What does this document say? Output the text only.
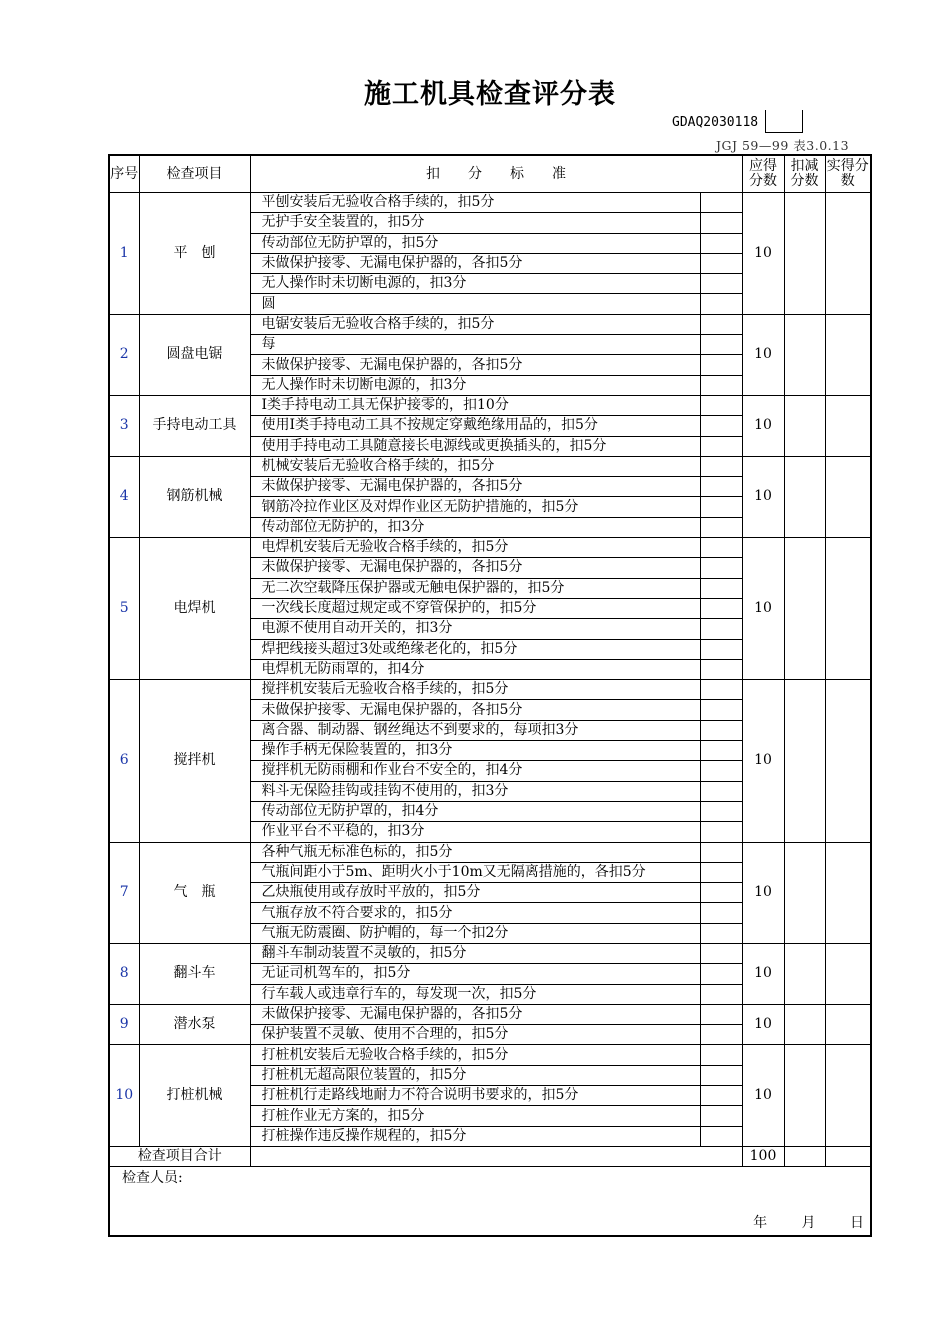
施工机具检查评分表
GDAQ2030118
JGJ 59—99 表3.0.13
序号	检查项目	扣　　分　　标　　准		应得分数	扣减分数	实得分数
1	平　刨	平刨安装后无验收合格手续的，扣5分		10		
		无护手安全装置的，扣5分				
		传动部位无防护罩的，扣5分				
		未做保护接零、无漏电保护器的，各扣5分				
		无人操作时未切断电源的，扣3分				
		圆				
2	圆盘电锯	电锯安装后无验收合格手续的，扣5分		10		
		每				
		未做保护接零、无漏电保护器的，各扣5分				
		无人操作时未切断电源的，扣3分				
3	手持电动工具	Ⅰ类手持电动工具无保护接零的，扣10分		10		
		使用Ⅰ类手持电动工具不按规定穿戴绝缘用品的，扣5分				
		使用手持电动工具随意接长电源线或更换插头的，扣5分				
4	钢筋机械	机械安装后无验收合格手续的，扣5分		10		
		未做保护接零、无漏电保护器的，各扣5分				
		钢筋冷拉作业区及对焊作业区无防护措施的，扣5分				
		传动部位无防护的，扣3分				
5	电焊机	电焊机安装后无验收合格手续的，扣5分		10		
		未做保护接零、无漏电保护器的，各扣5分				
		无二次空载降压保护器或无触电保护器的，扣5分				
		一次线长度超过规定或不穿管保护的，扣5分				
		电源不使用自动开关的，扣3分				
		焊把线接头超过3处或绝缘老化的，扣5分				
		电焊机无防雨罩的，扣4分				
6	搅拌机	搅拌机安装后无验收合格手续的，扣5分		10		
		未做保护接零、无漏电保护器的，各扣5分				
		离合器、制动器、钢丝绳达不到要求的，每项扣3分				
		操作手柄无保险装置的，扣3分				
		搅拌机无防雨棚和作业台不安全的，扣4分				
		料斗无保险挂钩或挂钩不使用的，扣3分				
		传动部位无防护罩的，扣4分				
		作业平台不平稳的，扣3分				
7	气　瓶	各种气瓶无标准色标的，扣5分		10		
		气瓶间距小于5m、距明火小于10m又无隔离措施的，各扣5分				
		乙炔瓶使用或存放时平放的，扣5分				
		气瓶存放不符合要求的，扣5分				
		气瓶无防震圈、防护帽的，每一个扣2分				
8	翻斗车	翻斗车制动装置不灵敏的，扣5分		10		
		无证司机驾车的，扣5分				
		行车载人或违章行车的，每发现一次，扣5分				
9	潜水泵	未做保护接零、无漏电保护器的，各扣5分		10		
		保护装置不灵敏、使用不合理的，扣5分				
10	打桩机械	打桩机安装后无验收合格手续的，扣5分		10		
		打桩机无超高限位装置的，扣5分				
		打桩机行走路线地耐力不符合说明书要求的，扣5分				
		打桩作业无方案的，扣5分				
		打桩操作违反操作规程的，扣5分				
检查项目合计				100		

检查人员:
年 月 日						
